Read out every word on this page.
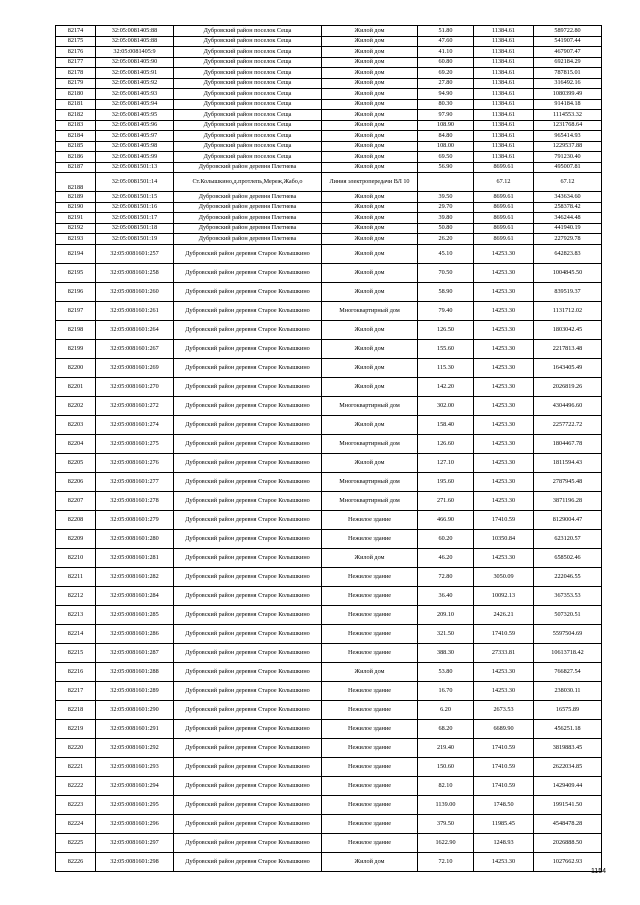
82174	32:05:0081405:88	Дубровский район поселок Сеща	Жилой дом	51.80	11384.61	589722.80
82175	32:05:0081405:88	Дубровский район поселок Сеща	Жилой дом	47.60	11384.61	541907.44
82176	32:05:0081405:9	Дубровский район поселок Сеща	Жилой дом	41.10	11384.61	467907.47
82177	32:05:0081405:90	Дубровский район поселок Сеща	Жилой дом	60.80	11384.61	692184.29
82178	32:05:0081405:91	Дубровский район поселок Сеща	Жилой дом	69.20	11384.61	787815.01
82179	32:05:0081405:92	Дубровский район поселок Сеща	Жилой дом	27.80	11384.61	316492.16
82180	32:05:0081405:93	Дубровский район поселок Сеща	Жилой дом	94.90	11384.61	1080399.49
82181	32:05:0081405:94	Дубровский район поселок Сеща	Жилой дом	80.30	11384.61	914184.18
82182	32:05:0081405:95	Дубровский район поселок Сеща	Жилой дом	97.90	11384.61	1114553.32
82183	32:05:0081405:96	Дубровский район поселок Сеща	Жилой дом	108.90	11384.61	1231768.64
82184	32:05:0081405:97	Дубровский район поселок Сеща	Жилой дом	84.80	11384.61	965414.93
82185	32:05:0081405:98	Дубровский район поселок Сеща	Жилой дом	108.00	11384.61	1229537.88
82186	32:05:0081405:99	Дубровский район поселок Сеща	Жилой дом	69.50	11384.61	791230.40
82187	32:05:0081501:13	Дубровский район деревня Плетнева	Жилой дом	56.90	8699.61	495007.81
82188	32:05:0081501:14	Ст.Колышкино,д.протлепь,Мереж,Жабо,о	Линия электропередачи ВЛ 10		67.12	67.12
82189	32:05:0081501:15	Дубровский район деревня Плетнева	Жилой дом	39.50	8699.61	343634.60
82190	32:05:0081501:16	Дубровский район деревня Плетнева	Жилой дом	29.70	8699.61	258378.42
82191	32:05:0081501:17	Дубровский район деревня Плетнева	Жилой дом	39.80	8699.61	346244.48
82192	32:05:0081501:18	Дубровский район деревня Плетнева	Жилой дом	50.80	8699.61	441940.19
82193	32:05:0081501:19	Дубровский район деревня Плетнева	Жилой дом	26.20	8699.61	227929.78
82194	32:05:0081601:257	Дубровский район деревня Старое Колышкино	Жилой дом	45.10	14253.30	642823.83
82195	32:05:0081601:258	Дубровский район деревня Старое Колышкино	Жилой дом	70.50	14253.30	1004845.50
82196	32:05:0081601:260	Дубровский район деревня Старое Колышкино	Жилой дом	58.90	14253.30	839519.37
82197	32:05:0081601:261	Дубровский район деревня Старое Колышкино	Многоквартирный дом	79.40	14253.30	1131712.02
82198	32:05:0081601:264	Дубровский район деревня Старое Колышкино	Жилой дом	126.50	14253.30	1803042.45
82199	32:05:0081601:267	Дубровский район деревня Старое Колышкино	Жилой дом	155.60	14253.30	2217813.48
82200	32:05:0081601:269	Дубровский район деревня Старое Колышкино	Жилой дом	115.30	14253.30	1643405.49
82201	32:05:0081601:270	Дубровский район деревня Старое Колышкино	Жилой дом	142.20	14253.30	2026819.26
82202	32:05:0081601:272	Дубровский район деревня Старое Колышкино	Многоквартирный дом	302.00	14253.30	4304496.60
82203	32:05:0081601:274	Дубровский район деревня Старое Колышкино	Жилой дом	158.40	14253.30	2257722.72
82204	32:05:0081601:275	Дубровский район деревня Старое Колышкино	Многоквартирный дом	126.60	14253.30	1804467.78
82205	32:05:0081601:276	Дубровский район деревня Старое Колышкино	Жилой дом	127.10	14253.30	1811594.43
82206	32:05:0081601:277	Дубровский район деревня Старое Колышкино	Многоквартирный дом	195.60	14253.30	2787945.48
82207	32:05:0081601:278	Дубровский район деревня Старое Колышкино	Многоквартирный дом	271.60	14253.30	3871196.28
82208	32:05:0081601:279	Дубровский район деревня Старое Колышкино	Нежилое здание	466.90	17410.59	8129004.47
82209	32:05:0081601:280	Дубровский район деревня Старое Колышкино	Нежилое здание	60.20	10350.84	623120.57
82210	32:05:0081601:281	Дубровский район деревня Старое Колышкино	Жилой дом	46.20	14253.30	658502.46
82211	32:05:0081601:282	Дубровский район деревня Старое Колышкино	Нежилое здание	72.80	3050.09	222046.55
82212	32:05:0081601:284	Дубровский район деревня Старое Колышкино	Нежилое здание	36.40	10092.13	367353.53
82213	32:05:0081601:285	Дубровский район деревня Старое Колышкино	Нежилое здание	209.10	2426.21	507320.51
82214	32:05:0081601:286	Дубровский район деревня Старое Колышкино	Нежилое здание	321.50	17410.59	5597504.69
82215	32:05:0081601:287	Дубровский район деревня Старое Колышкино	Нежилое здание	388.30	27333.81	10613718.42
82216	32:05:0081601:288	Дубровский район деревня Старое Колышкино	Жилой дом	53.80	14253.30	766827.54
82217	32:05:0081601:289	Дубровский район деревня Старое Колышкино	Нежилое здание	16.70	14253.30	238030.11
82218	32:05:0081601:290	Дубровский район деревня Старое Колышкино	Нежилое здание	6.20	2673.53	16575.89
82219	32:05:0081601:291	Дубровский район деревня Старое Колышкино	Нежилое здание	68.20	6689.90	456251.18
82220	32:05:0081601:292	Дубровский район деревня Старое Колышкино	Нежилое здание	219.40	17410.59	3819883.45
82221	32:05:0081601:293	Дубровский район деревня Старое Колышкино	Нежилое здание	150.60	17410.59	2622034.85
82222	32:05:0081601:294	Дубровский район деревня Старое Колышкино	Нежилое здание	82.10	17410.59	1429409.44
82223	32:05:0081601:295	Дубровский район деревня Старое Колышкино	Нежилое здание	1139.00	1748.50	1991541.50
82224	32:05:0081601:296	Дубровский район деревня Старое Колышкино	Нежилое здание	379.50	11985.45	4548478.28
82225	32:05:0081601:297	Дубровский район деревня Старое Колышкино	Нежилое здание	1622.90	1248.93	2026888.50
82226	32:05:0081601:298	Дубровский район деревня Старое Колышкино	Жилой дом	72.10	14253.30	1027662.93
1154
